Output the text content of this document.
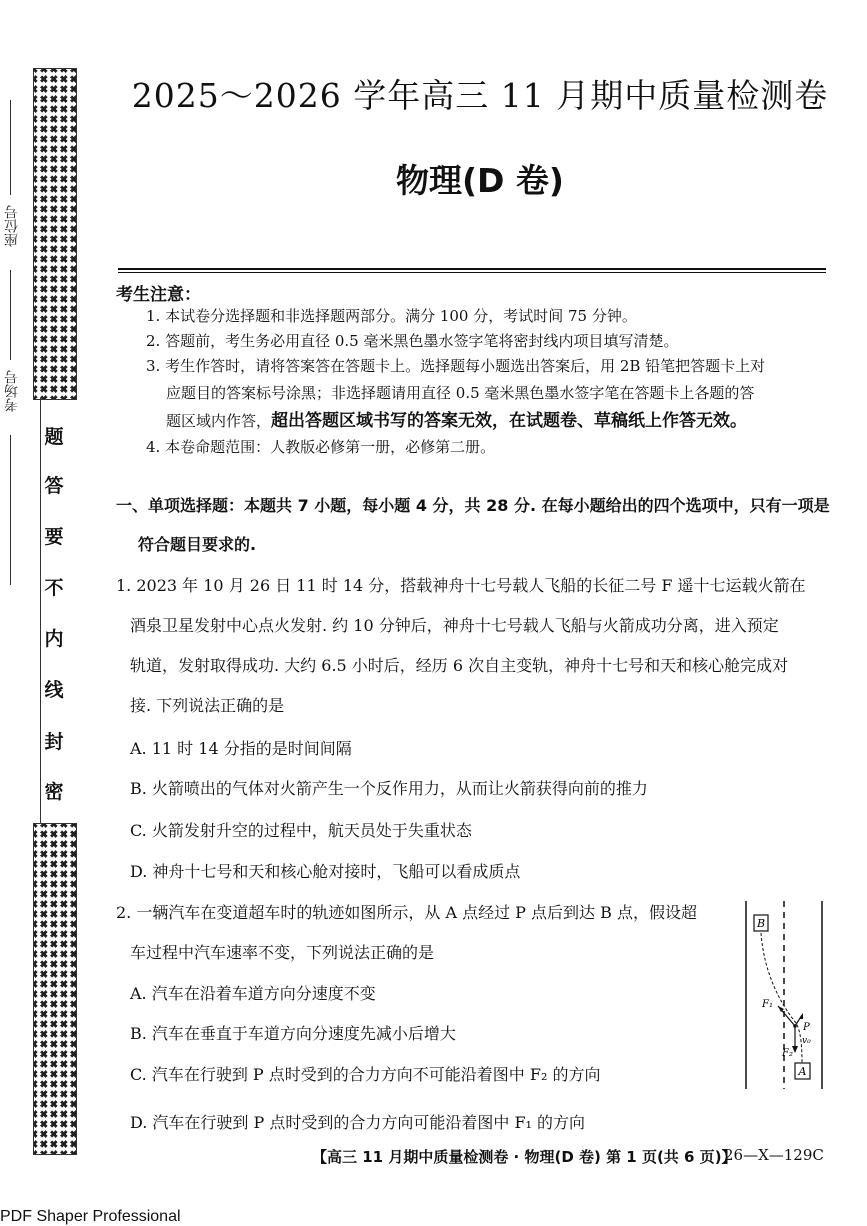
座位号
考场号
题
答
要
不
内
线
封
密
2025～2026 学年高三 11 月期中质量检测卷
物理(D 卷)
考生注意：
1. 本试卷分选择题和非选择题两部分。满分 100 分，考试时间 75 分钟。
2. 答题前，考生务必用直径 0.5 毫米黑色墨水签字笔将密封线内项目填写清楚。
3. 考生作答时，请将答案答在答题卡上。选择题每小题选出答案后，用 2B 铅笔把答题卡上对
应题目的答案标号涂黑；非选择题请用直径 0.5 毫米黑色墨水签字笔在答题卡上各题的答
题区域内作答，超出答题区域书写的答案无效，在试题卷、草稿纸上作答无效。
4. 本卷命题范围：人教版必修第一册，必修第二册。
一、单项选择题：本题共 7 小题，每小题 4 分，共 28 分. 在每小题给出的四个选项中，只有一项是
符合题目要求的.
1. 2023 年 10 月 26 日 11 时 14 分，搭载神舟十七号载人飞船的长征二号 F 遥十七运载火箭在
酒泉卫星发射中心点火发射. 约 10 分钟后，神舟十七号载人飞船与火箭成功分离，进入预定
轨道，发射取得成功. 大约 6.5 小时后，经历 6 次自主变轨，神舟十七号和天和核心舱完成对
接. 下列说法正确的是
A. 11 时 14 分指的是时间间隔
B. 火箭喷出的气体对火箭产生一个反作用力，从而让火箭获得向前的推力
C. 火箭发射升空的过程中，航天员处于失重状态
D. 神舟十七号和天和核心舱对接时，飞船可以看成质点
2. 一辆汽车在变道超车时的轨迹如图所示，从 A 点经过 P 点后到达 B 点，假设超
车过程中汽车速率不变，下列说法正确的是
A. 汽车在沿着车道方向分速度不变
B. 汽车在垂直于车道方向分速度先减小后增大
C. 汽车在行驶到 P 点时受到的合力方向不可能沿着图中 F₂ 的方向
D. 汽车在行驶到 P 点时受到的合力方向可能沿着图中 F₁ 的方向
B
A
F₁
F₂
P
v₀
【高三 11 月期中质量检测卷 · 物理(D 卷) 第 1 页(共 6 页)】
26—X—129C
PDF Shaper Professional
